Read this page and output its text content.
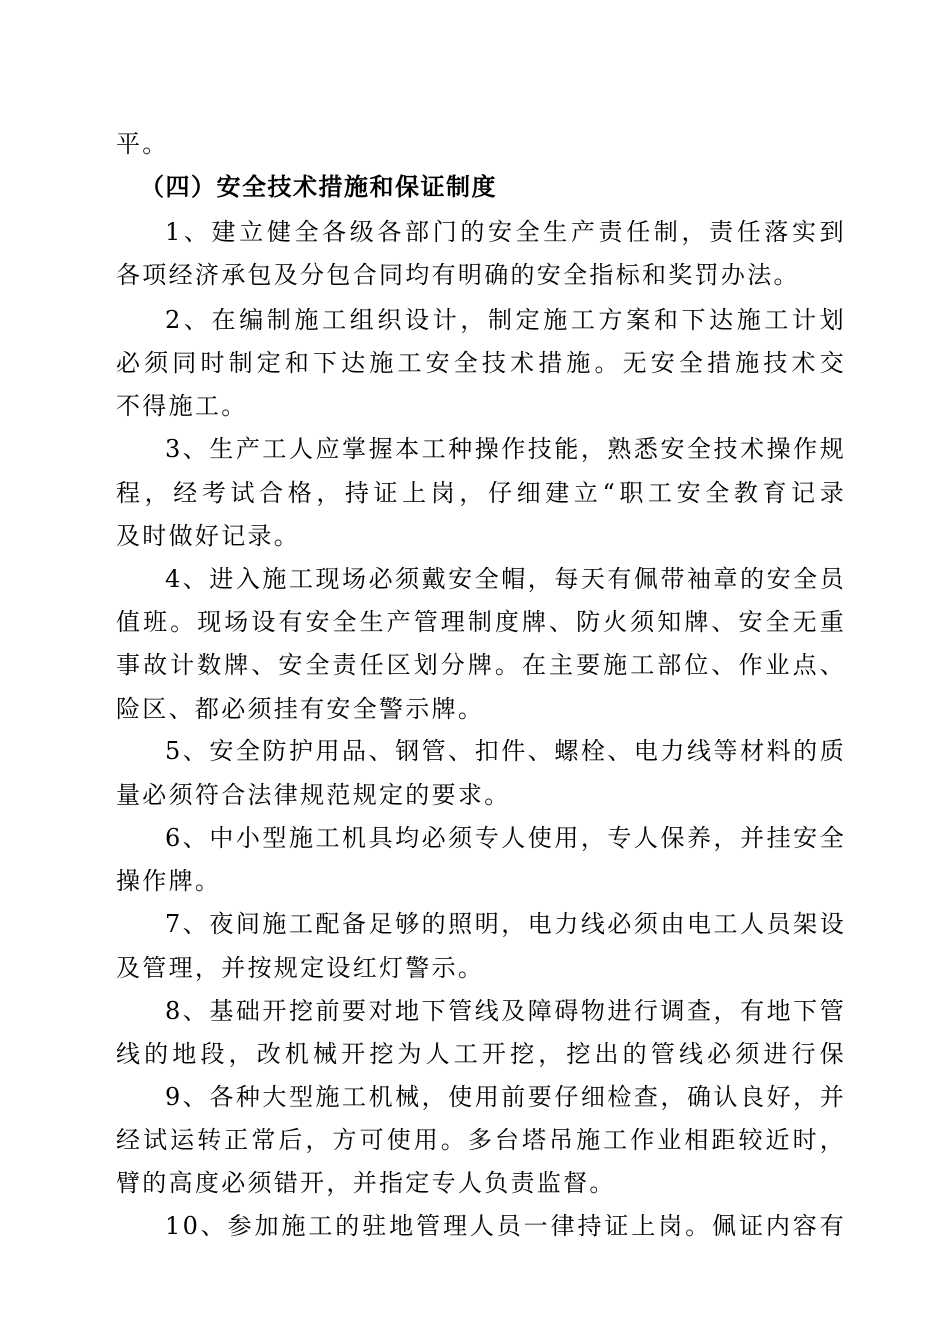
平。
（四）安全技术措施和保证制度
1、建立健全各级各部门的安全生产责任制，责任落实到
各项经济承包及分包合同均有明确的安全指标和奖罚办法。
2、在编制施工组织设计，制定施工方案和下达施工计划
必须同时制定和下达施工安全技术措施。无安全措施技术交
不得施工。
3、生产工人应掌握本工种操作技能，熟悉安全技术操作规
程，经考试合格，持证上岗，仔细建立“职工安全教育记录
及时做好记录。
4、进入施工现场必须戴安全帽，每天有佩带袖章的安全员
值班。现场设有安全生产管理制度牌、防火须知牌、安全无重
事故计数牌、安全责任区划分牌。在主要施工部位、作业点、
险区、都必须挂有安全警示牌。
5、安全防护用品、钢管、扣件、螺栓、电力线等材料的质
量必须符合法律规范规定的要求。
6、中小型施工机具均必须专人使用，专人保养，并挂安全
操作牌。
7、夜间施工配备足够的照明，电力线必须由电工人员架设
及管理，并按规定设红灯警示。
8、基础开挖前要对地下管线及障碍物进行调查，有地下管
线的地段，改机械开挖为人工开挖，挖出的管线必须进行保
9、各种大型施工机械，使用前要仔细检查，确认良好，并
经试运转正常后，方可使用。多台塔吊施工作业相距较近时，
臂的高度必须错开，并指定专人负责监督。
10、参加施工的驻地管理人员一律持证上岗。佩证内容有
